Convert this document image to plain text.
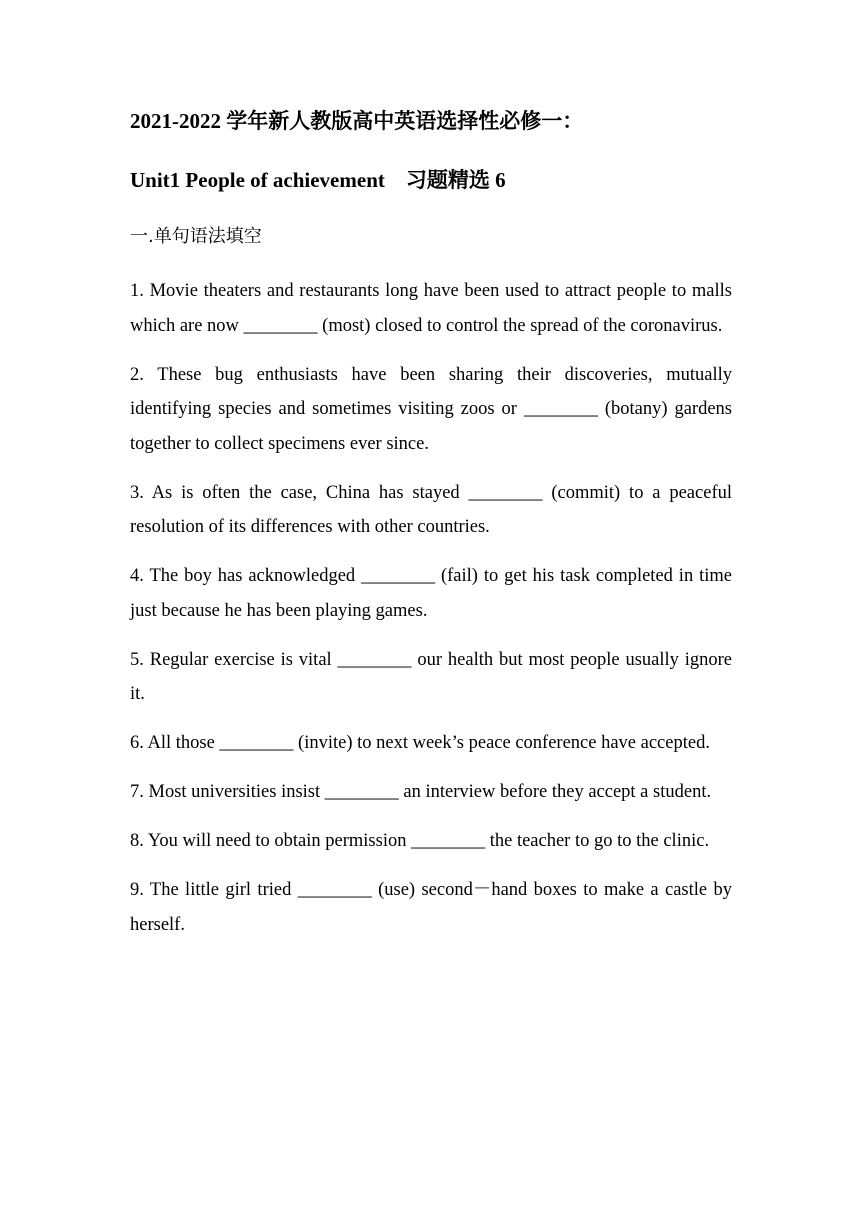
2021-2022 学年新人教版高中英语选择性必修一：
Unit1 People of achievement　习题精选 6
一.单句语法填空

1. Movie theaters and restaurants long have been used to attract people to malls which are now ________ (most) closed to control the spread of the coronavirus.

2. These bug enthusiasts have been sharing their discoveries, mutually identifying species and sometimes visiting zoos or ________ (botany) gardens together to collect specimens ever since.

3. As is often the case, China has stayed ________ (commit) to a peaceful resolution of its differences with other countries.

4. The boy has acknowledged ________ (fail) to get his task completed in time just because he has been playing games.

5. Regular exercise is vital ________ our health but most people usually ignore it.

6. All those ________ (invite) to next week’s peace conference have accepted.

7. Most universities insist ________ an interview before they accept a student.

8. You will need to obtain permission ________ the teacher to go to the clinic.

9. The little girl tried ________ (use) second－hand boxes to make a castle by herself.
